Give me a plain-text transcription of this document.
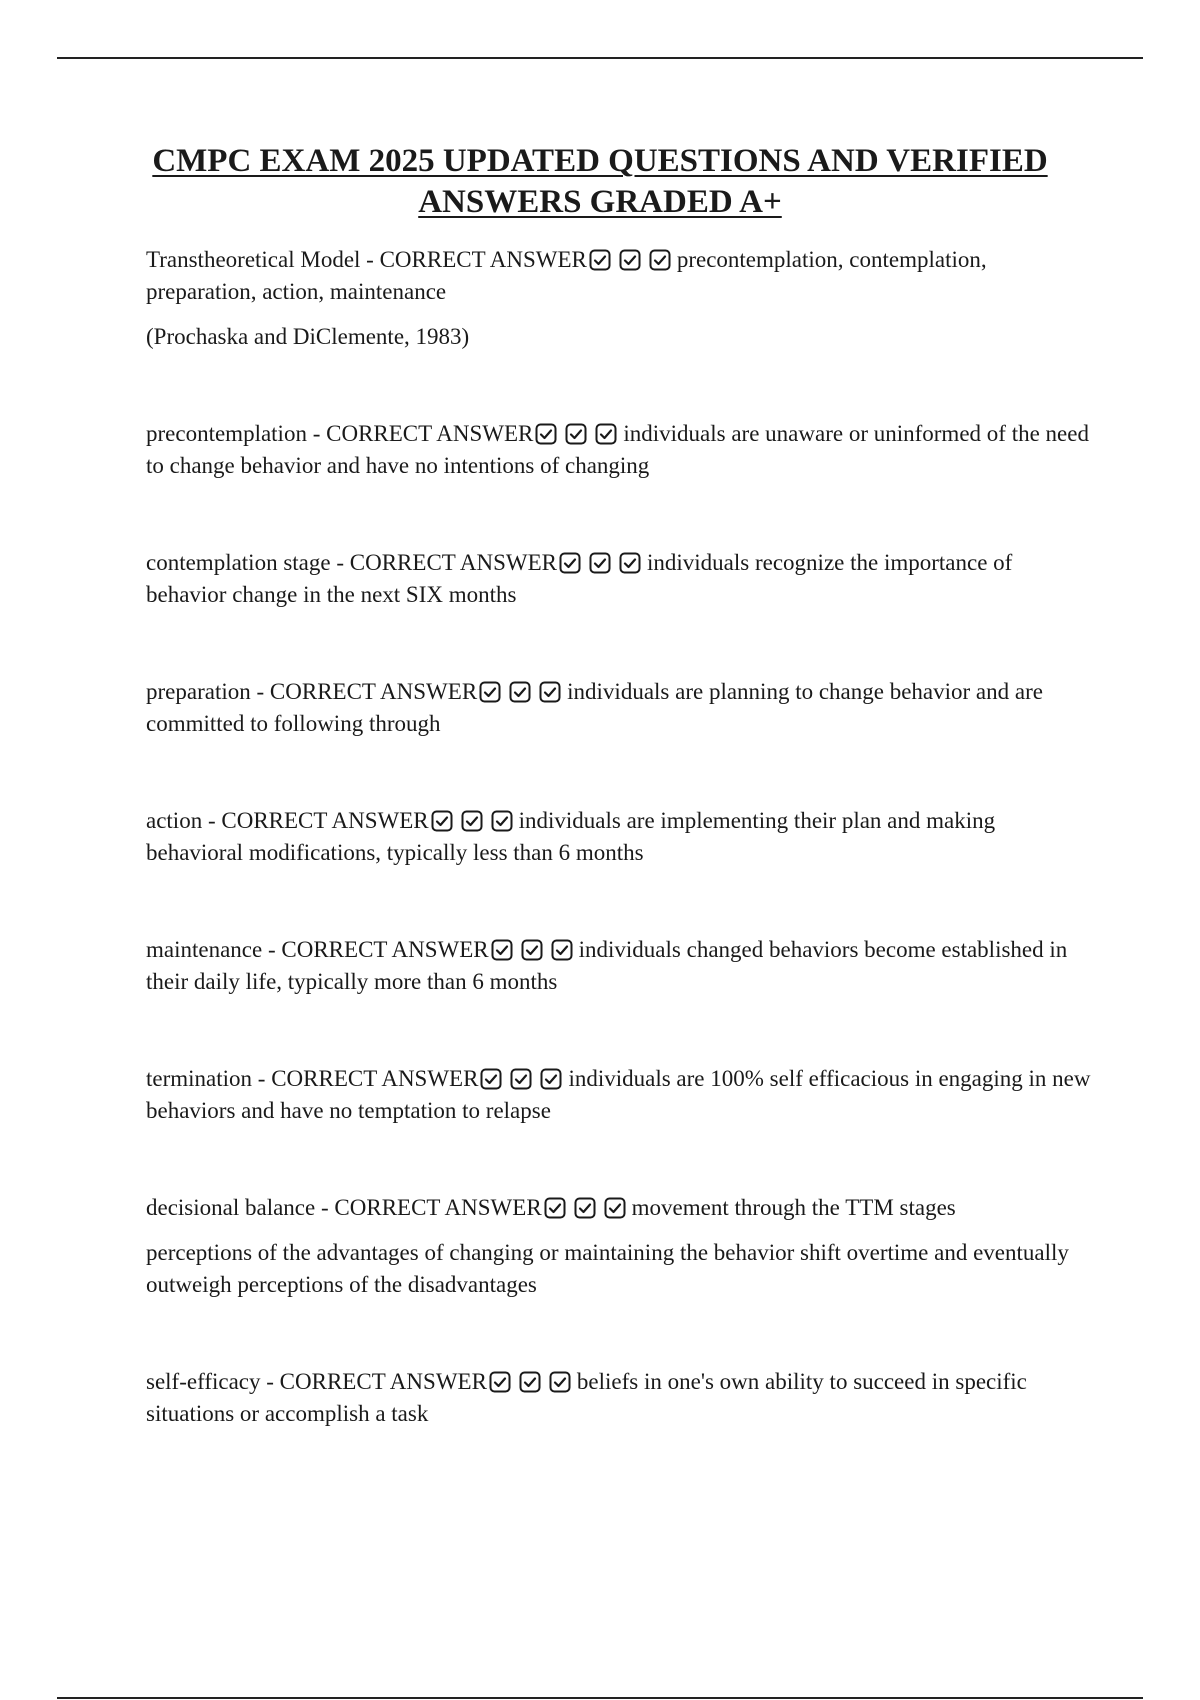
CMPC EXAM 2025 UPDATED QUESTIONS AND VERIFIED
ANSWERS GRADED A+

Transtheoretical Model - CORRECT ANSWER	precontemplation, contemplation, preparation, action, maintenance

(Prochaska and DiClemente, 1983)

precontemplation - CORRECT ANSWER	individuals are unaware or uninformed of the need to change behavior and have no intentions of changing

contemplation stage - CORRECT ANSWER	individuals recognize the importance of behavior change in the next SIX months

preparation - CORRECT ANSWER	individuals are planning to change behavior and are committed to following through

action - CORRECT ANSWER	individuals are implementing their plan and making behavioral modifications, typically less than 6 months

maintenance - CORRECT ANSWER	individuals changed behaviors become established in their daily life, typically more than 6 months

termination - CORRECT ANSWER	individuals are 100% self efficacious in engaging in new behaviors and have no temptation to relapse

decisional balance - CORRECT ANSWER	movement through the TTM stages

perceptions of the advantages of changing or maintaining the behavior shift overtime and eventually outweigh perceptions of the disadvantages

self-efficacy - CORRECT ANSWER	beliefs in one's own ability to succeed in specific situations or accomplish a task
